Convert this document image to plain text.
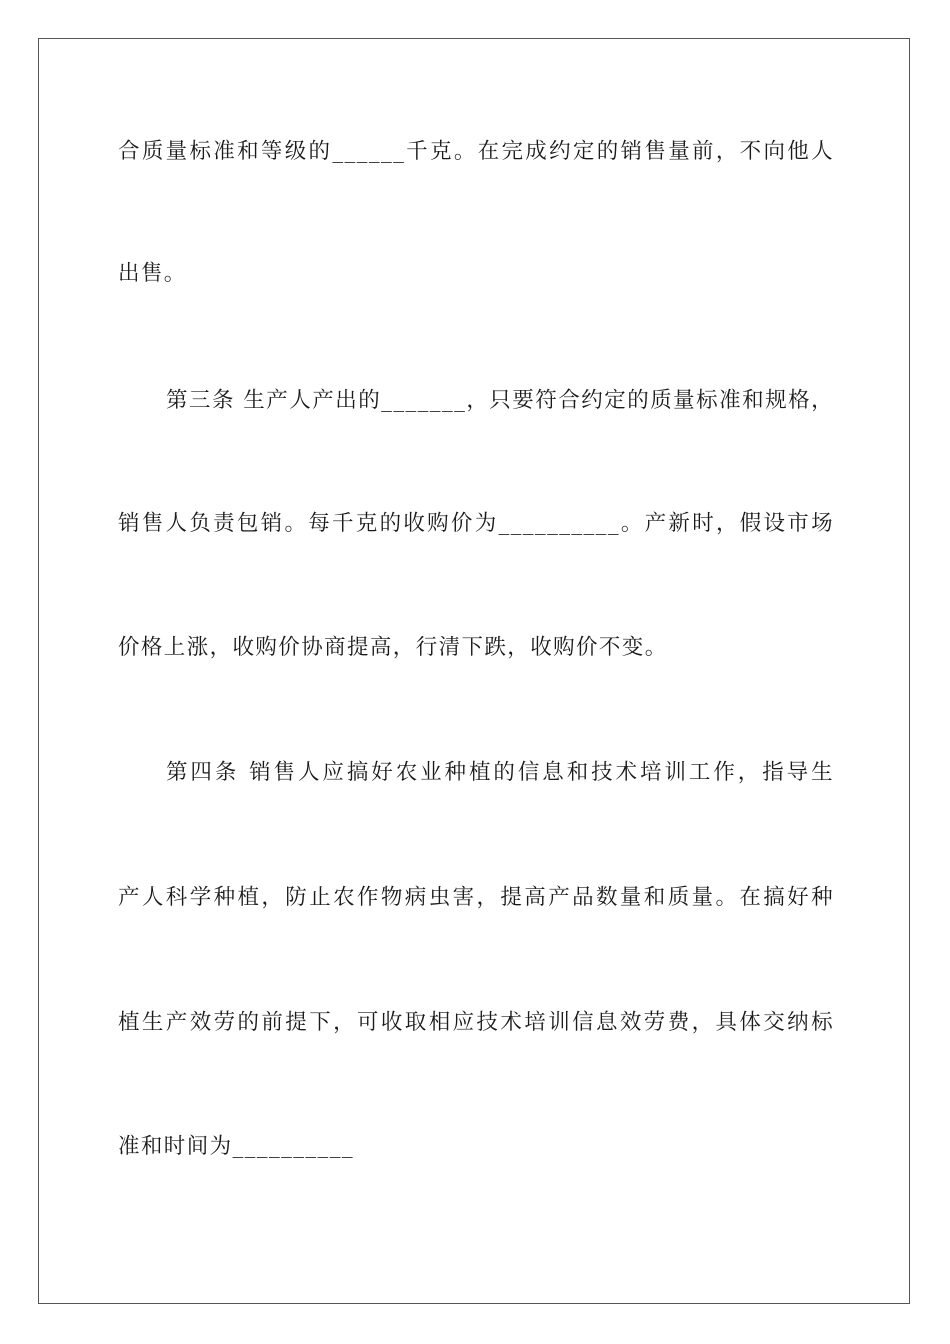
合质量标准和等级的______千克。在完成约定的销售量前，不向他人
出售。
第三条 生产人产出的_______，只要符合约定的质量标准和规格，
销售人负责包销。每千克的收购价为__________。产新时，假设市场
价格上涨，收购价协商提高，行清下跌，收购价不变。
第四条 销售人应搞好农业种植的信息和技术培训工作，指导生
产人科学种植，防止农作物病虫害，提高产品数量和质量。在搞好种
植生产效劳的前提下，可收取相应技术培训信息效劳费，具体交纳标
准和时间为__________
